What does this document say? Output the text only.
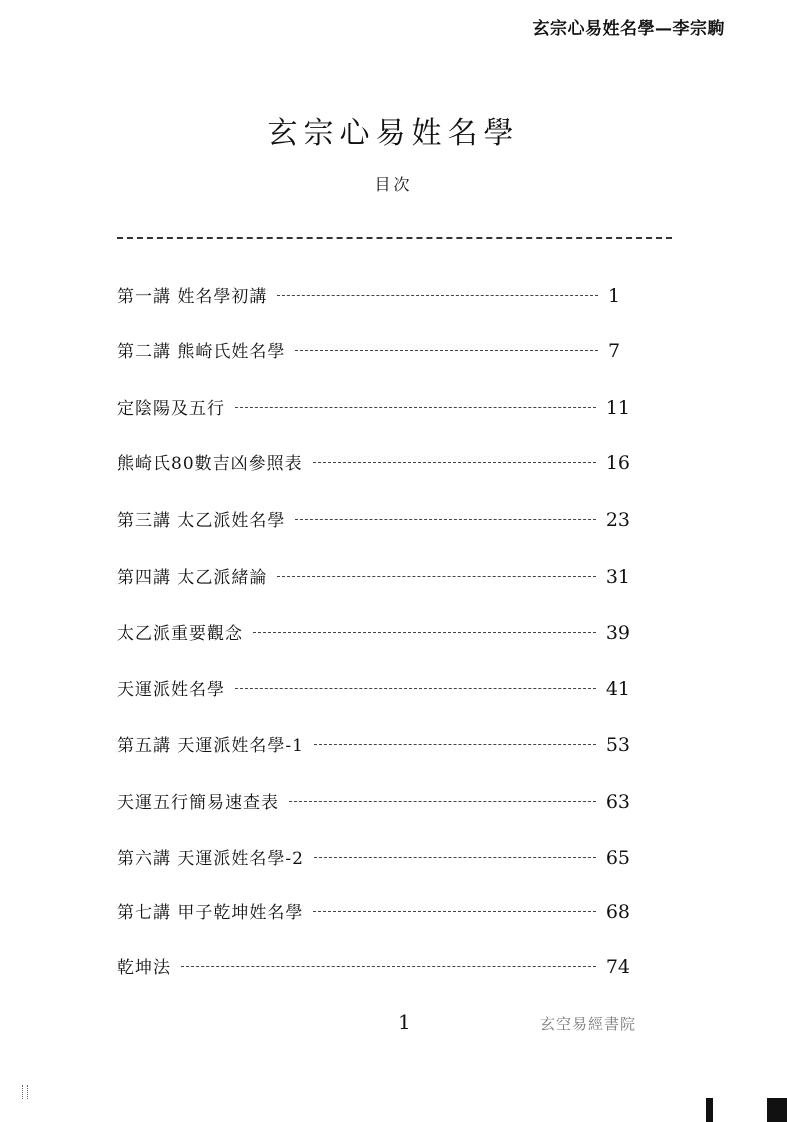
玄宗心易姓名學—李宗駒
玄宗心易姓名學
目次
第一講 姓名學初講	1
第二講 熊崎氏姓名學	7
定陰陽及五行	11
熊崎氏80數吉凶參照表	16
第三講 太乙派姓名學	23
第四講 太乙派緒論	31
太乙派重要觀念	39
天運派姓名學	41
第五講 天運派姓名學-1	53
天運五行簡易速查表	63
第六講 天運派姓名學-2	65
第七講 甲子乾坤姓名學	68
乾坤法	74
1	玄空易經書院
